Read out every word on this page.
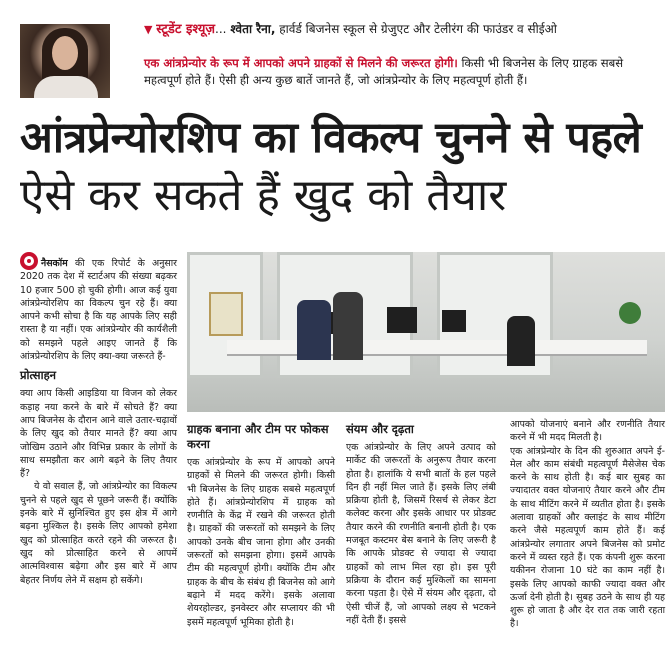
▼ स्टूडेंट इश्यूज़... श्वेता रैना, हार्वर्ड बिजनेस स्कूल से ग्रेजुएट और टेलीरंग की फाउंडर व सीईओ
एक आंत्रप्रेन्योर के रूप में आपको अपने ग्राहकों से मिलने की जरूरत होगी। किसी भी बिजनेस के लिए ग्राहक सबसे महत्वपूर्ण होते हैं। ऐसी ही अन्य कुछ बातें जानते हैं, जो आंत्रप्रेन्योर के लिए महत्वपूर्ण होती हैं।
आंत्रप्रेन्योरशिप का विकल्प चुनने से पहले
ऐसे कर सकते हैं खुद को तैयार
नैसकॉम की एक रिपोर्ट के अनुसार 2020 तक देश में स्टार्टअप की संख्या बढ़कर 10 हजार 500 हो चुकी होगी। आज कई युवा आंत्रप्रेन्योरशिप का विकल्प चुन रहे हैं। क्या आपने कभी सोचा है कि यह आपके लिए सही रास्ता है या नहीं। एक आंत्रप्रेन्योर की कार्यशैली को समझने पहले आइए जानते हैं कि आंत्रप्रेन्योरशिप के लिए क्या-क्या जरूरते हैं-
प्रोत्साहन
क्या आप किसी आइडिया या विजन को लेकर कड़ाह नया करने के बारे में सोचते हैं? क्या आप बिजनेस के दौरान आने वाले उतार-चढ़ावों के लिए खुद को तैयार मानते हैं? क्या आप जोखिम उठाने और विभिन्न प्रकार के लोगों के साथ समझौता कर आगे बढ़ने के लिए तैयार हैं?
ये वो सवाल हैं, जो आंत्रप्रेन्योर का विकल्प चुनने से पहले खुद से पूछने जरूरी हैं। क्योंकि इनके बारे में सुनिश्चित हुए इस क्षेत्र में आगे बढ़ना मुश्किल है। इसके लिए आपको हमेशा खुद को प्रोत्साहित करते रहने की जरूरत है। खुद को प्रोत्साहित करने से आपमें आत्मविश्वास बढ़ेगा और इस बारे में आप बेहतर निर्णय लेने में सक्षम हो सकेंगे।
ग्राहक बनाना और टीम पर फोकस करना
एक आंत्रप्रेन्योर के रूप में आपको अपने ग्राहकों से मिलने की जरूरत होगी। किसी भी बिजनेस के लिए ग्राहक सबसे महत्वपूर्ण होते हैं। आंत्रप्रेन्योरशिप में ग्राहक को रणनीति के केंद्र में रखने की जरूरत होती है। ग्राहकों की जरूरतों को समझने के लिए आपको उनके बीच जाना होगा और उनकी जरूरतों को समझना होगा। इसमें आपके टीम की महत्वपूर्ण होगी। क्योंकि टीम और ग्राहक के बीच के संबंध ही बिजनेस को आगे बढ़ाने में मदद करेंगे। इसके अलावा शेयरहोल्डर, इनवेस्टर और सप्लायर की भी इसमें महत्वपूर्ण भूमिका होती है।
संयम और दृढ़ता
एक आंत्रप्रेन्योर के लिए अपने उत्पाद को मार्केट की जरूरतों के अनुरूप तैयार करना होता है। हालांकि ये सभी बातों के हल पहले दिन ही नहीं मिल जाते हैं। इसके लिए लंबी प्रक्रिया होती है, जिसमें रिसर्च से लेकर डेटा कलेक्ट करना और इसके आधार पर प्रोडक्ट तैयार करने की रणनीति बनानी होती है। एक मजबूत कस्टमर बेस बनाने के लिए जरूरी है कि आपके प्रोडक्ट से ज्यादा से ज्यादा ग्राहकों को लाभ मिल रहा हो। इस पूरी प्रक्रिया के दौरान कई मुश्किलों का सामना करना पड़ता है। ऐसे में संयम और दृढ़ता, दो ऐसी चीजें हैं, जो आपको लक्ष्य से भटकने नहीं देती हैं। इससे
आपको योजनाएं बनाने और रणनीति तैयार करने में भी मदद मिलती है।
एक आंत्रप्रेन्योर के दिन की शुरुआत अपने ई-मेल और काम संबंधी महत्वपूर्ण मैसेजेस चेक करने के साथ होती है। कई बार सुबह का ज्यादातर वक्त योजनाएं तैयार करने और टीम के साथ मीटिंग करने में व्यतीत होता है। इसके अलावा ग्राहकों और क्लाइंट के साथ मीटिंग करने जैसे महत्वपूर्ण काम होते हैं। कई आंत्रप्रेन्योर लगातार अपने बिजनेस को प्रमोट करने में व्यस्त रहते हैं। एक कंपनी शुरू करना यकीनन रोजाना 10 घंटे का काम नहीं है। इसके लिए आपको काफी ज्यादा वक्त और ऊर्जा देनी होती है। सुबह उठने के साथ ही यह शुरू हो जाता है और देर रात तक जारी रहता है।
